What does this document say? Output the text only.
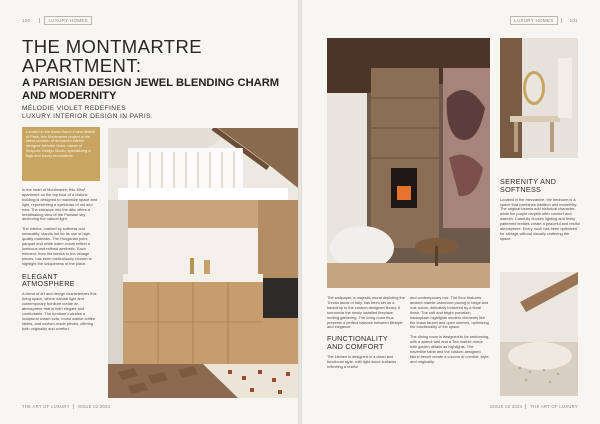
100	LUXURY HOMES
THE MONTMARTRE
APARTMENT:
A PARISIAN DESIGN JEWEL BLENDING CHARM AND MODERNITY
MÉLODIE VIOLET REDEFINES
LUXURY INTERIOR DESIGN IN PARIS.

Located in the iconic Sacré-Coeur district of Paris, this Montmartre project is the latest creation of renowned interior designer Mélodie Violet, owner of Bespoke Design Studio, specializing in high-end luxury renovations.

In the heart of Montmartre, this 38m² apartment on the top floor of a historic building is designed to maximize space and light, representing a symbiosis of old and new. The entrance into the attic offers a breathtaking view of the Parisian sky, anchoring the natural light.

The interior, marked by softness and sensuality, stands out for its use of high-quality materials. The Hungarian point parquet and white warm colors reflect a luminous and refined aesthetic. Each element, from the fabrics to the vintage pieces, has been meticulously chosen to highlight the uniqueness of the place.

ELEGANT ATMOSPHERE

A blend of art and design characterizes this living space, where natural light and contemporary furniture create an atmosphere that is both elegant and comfortable. The furniture includes a sculptural cream sofa, round walnut coffee tables, and custom-made pieces, offering both originality and comfort.

THE ART OF LUXURY ISSUE 02 2024
LUXURY HOMES	101

SERENITY AND SOFTNESS

Located in the mezzanine, the bedroom is a space that combines tradition and modernity. The original beams add historical character, while the purple carpets offer comfort and warmth. Carefully chosen lighting and finely patterned textiles create a peaceful and restful atmosphere. Every nook has been optimized for storage without visually cluttering the space.

The wallpaper, a majestic mural depicting the Trevan lands of Italy, has been set as a backdrop to the custom-designed library. It surrounds the newly installed fireplace, inviting gathering. The living room thus presents a perfect balance between lifestyle and elegance.

FUNCTIONALITY AND COMFORT

The kitchen is designed in a clean and functional style, with light wood surfaces reflecting a restful

and contemporary mix. The floor features ancient marble cabochon paving in beige and rust colors, delicately bordered by a floral finish. The soft and bright porcelain backsplash highlights modern elements like the brass faucet and open shelves, optimizing the functionality of the space.

The dining room is designed to be welcoming, with a walnut wall and a Ted-marble mirror with golden details as highlights. The travertine table and the custom-designed fabric bench create a cocoon of comfort, style, and originality.

ISSUE 02 2024 THE ART OF LUXURY
